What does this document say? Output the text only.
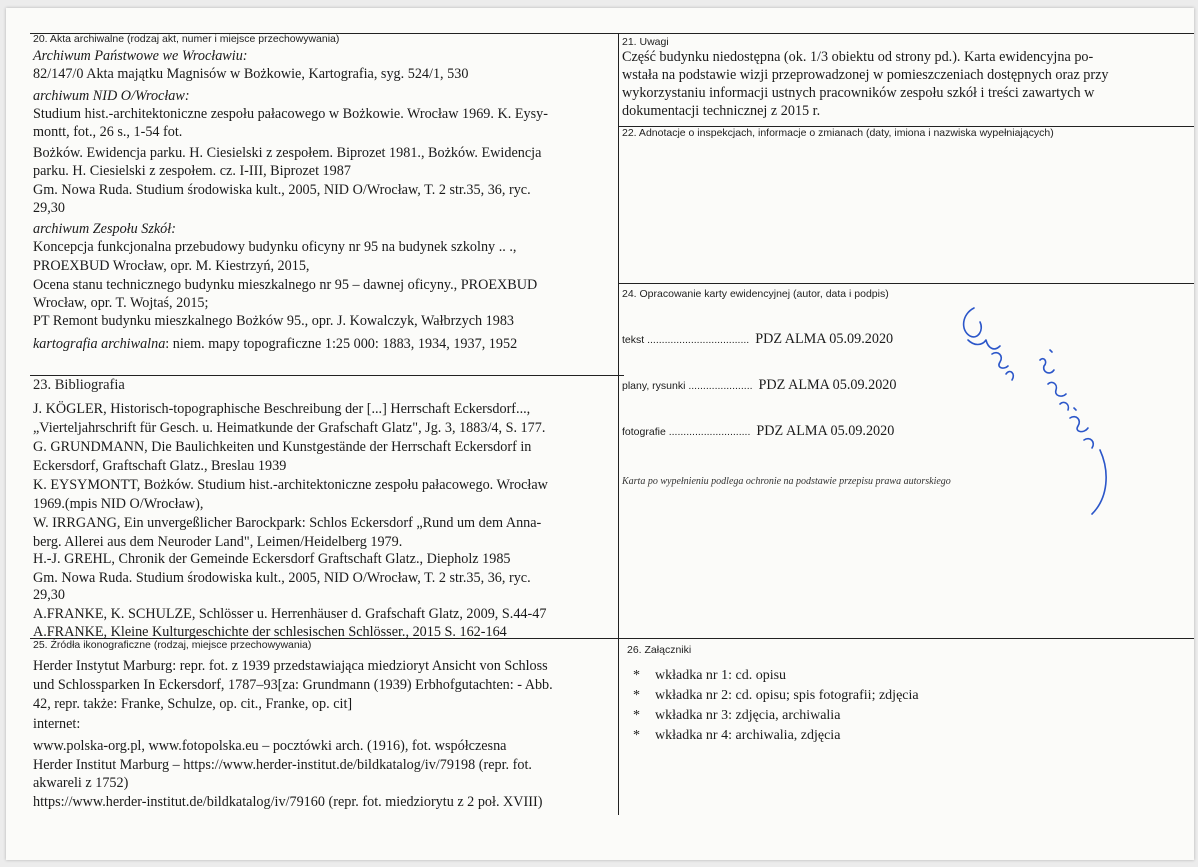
20. Akta archiwalne (rodzaj akt, numer i miejsce przechowywania)
Archiwum Państwowe we Wrocławiu:
82/147/0 Akta majątku Magnisów w Bożkowie, Kartografia, syg. 524/1, 530
archiwum NID O/Wrocław:
Studium hist.-architektoniczne zespołu pałacowego w Bożkowie. Wrocław 1969. K. Eysy-
montt, fot., 26 s., 1-54 fot.
Bożków. Ewidencja parku. H. Ciesielski z zespołem. Biprozet 1981., Bożków. Ewidencja
parku. H. Ciesielski z zespołem. cz. I-III, Biprozet 1987
Gm. Nowa Ruda. Studium środowiska kult., 2005, NID O/Wrocław, T. 2 str.35, 36, ryc.
29,30
archiwum Zespołu Szkół:
Koncepcja funkcjonalna przebudowy budynku oficyny nr 95 na budynek szkolny .. .,
PROEXBUD Wrocław, opr. M. Kiestrzyń, 2015,
Ocena stanu technicznego budynku mieszkalnego nr 95 – dawnej oficyny., PROEXBUD
Wrocław, opr. T. Wojtaś, 2015;
PT Remont budynku mieszkalnego Bożków 95., opr. J. Kowalczyk, Wałbrzych 1983
kartografia archiwalna: niem. mapy topograficzne 1:25 000: 1883, 1934, 1937, 1952
21. Uwagi
Część budynku niedostępna (ok. 1/3 obiektu od strony pd.). Karta ewidencyjna po-
wstała na podstawie wizji przeprowadzonej w pomieszczeniach dostępnych oraz przy
wykorzystaniu informacji ustnych pracowników zespołu szkół i treści zawartych w
dokumentacji technicznej z 2015 r.
22. Adnotacje o inspekcjach, informacje o zmianach (daty, imiona i nazwiska wypełniających)
24. Opracowanie karty ewidencyjnej (autor, data i podpis)
tekst ................................... PDZ ALMA 05.09.2020
plany, rysunki ...................... PDZ ALMA 05.09.2020
fotografie ............................ PDZ ALMA 05.09.2020
Karta po wypełnieniu podlega ochronie na podstawie przepisu prawa autorskiego
23. Bibliografia
J. KÖGLER, Historisch-topographische Beschreibung der [...] Herrschaft Eckersdorf...,
„Vierteljahrschrift für Gesch. u. Heimatkunde der Grafschaft Glatz", Jg. 3, 1883/4, S. 177.
G. GRUNDMANN, Die Baulichkeiten und Kunstgestände der Herrschaft Eckersdorf in
Eckersdorf, Graftschaft Glatz., Breslau 1939
K. EYSYMONTT, Bożków. Studium hist.-architektoniczne zespołu pałacowego. Wrocław
1969.(mpis NID O/Wrocław),
W. IRRGANG, Ein unvergeßlicher Barockpark: Schlos Eckersdorf „Rund um dem Anna-
berg. Allerei aus dem Neuroder Land", Leimen/Heidelberg 1979.
H.-J. GREHL, Chronik der Gemeinde Eckersdorf Graftschaft Glatz., Diepholz 1985
Gm. Nowa Ruda. Studium środowiska kult., 2005, NID O/Wrocław, T. 2 str.35, 36, ryc.
29,30
A.FRANKE, K. SCHULZE, Schlösser u. Herrenhäuser d. Grafschaft Glatz, 2009, S.44-47
A.FRANKE, Kleine Kulturgeschichte der schlesischen Schlösser., 2015 S. 162-164
25. Źródła ikonograficzne (rodzaj, miejsce przechowywania)
Herder Instytut Marburg: repr. fot. z 1939 przedstawiająca miedzioryt Ansicht von Schloss
und Schlossparken In Eckersdorf, 1787–93[za: Grundmann (1939) Erbhofgutachten: - Abb.
42, repr. także: Franke, Schulze, op. cit., Franke, op. cit]
internet:
www.polska-org.pl, www.fotopolska.eu – pocztówki arch. (1916), fot. współczesna
Herder Institut Marburg – https://www.herder-institut.de/bildkatalog/iv/79198 (repr. fot.
akwareli z 1752)
https://www.herder-institut.de/bildkatalog/iv/79160 (repr. fot. miedziorytu z 2 poł. XVIII)
26. Załączniki
* wkładka nr 1: cd. opisu
* wkładka nr 2: cd. opisu; spis fotografii; zdjęcia
* wkładka nr 3: zdjęcia, archiwalia
* wkładka nr 4: archiwalia, zdjęcia
